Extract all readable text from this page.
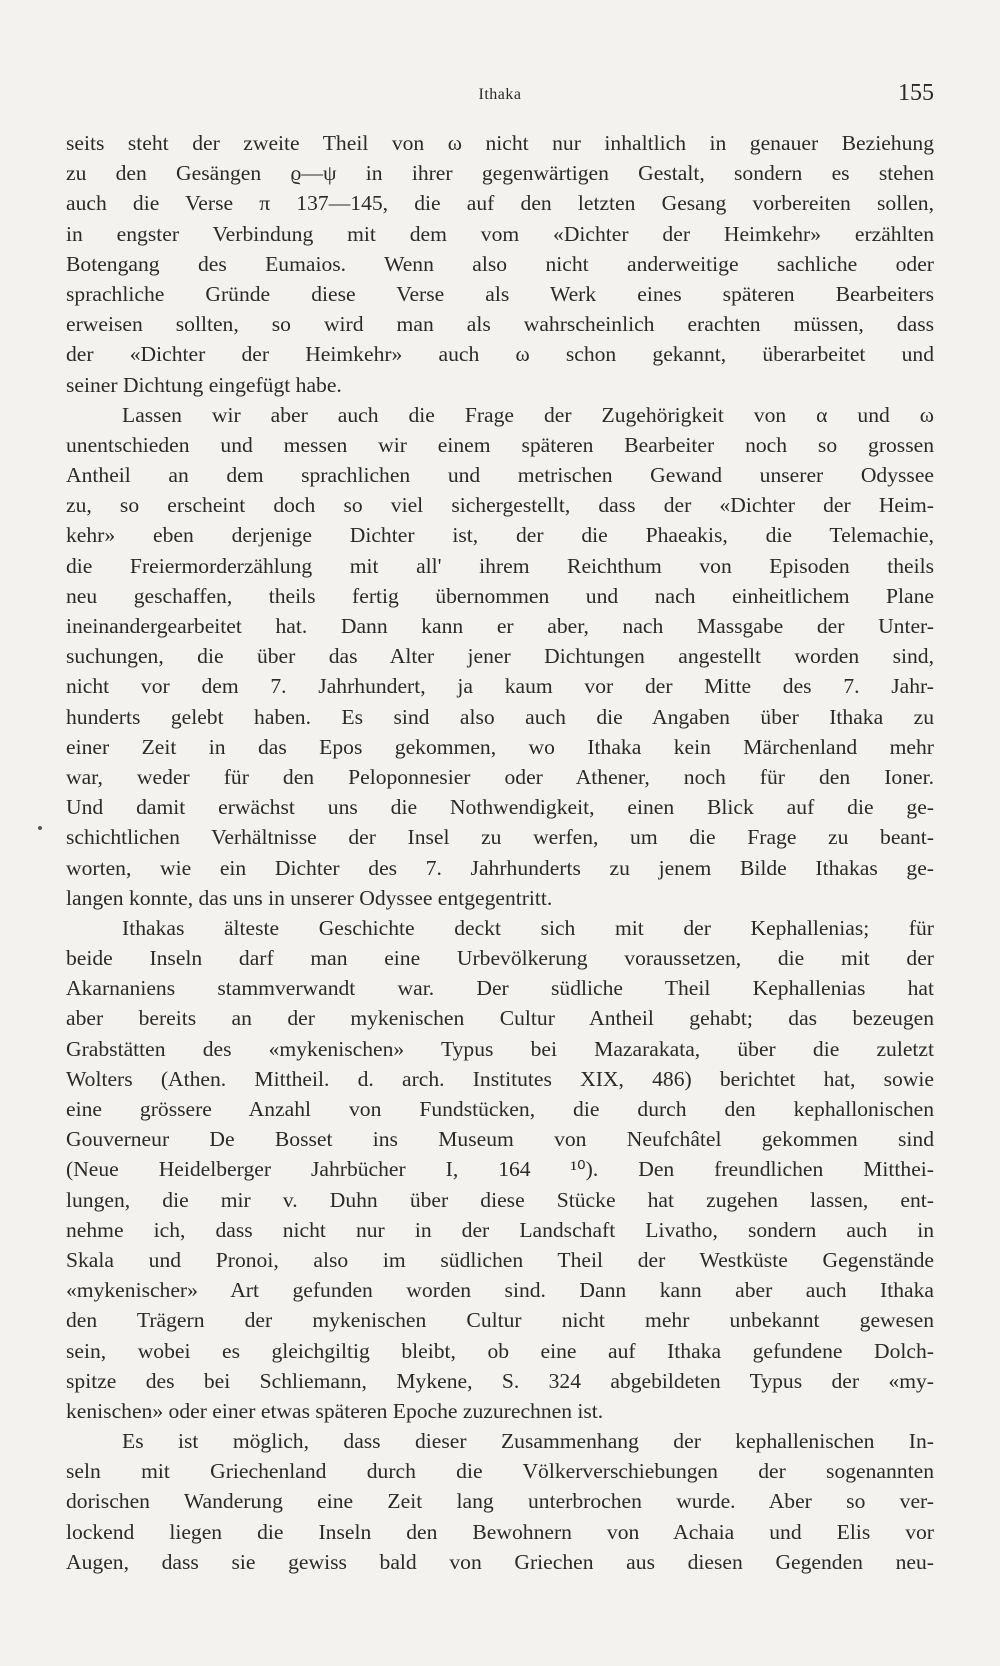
Ithaka	155
seits steht der zweite Theil von ω nicht nur inhaltlich in genauer Beziehung
zu den Gesängen ϱ—ψ in ihrer gegenwärtigen Gestalt, sondern es stehen
auch die Verse π 137—145, die auf den letzten Gesang vorbereiten sollen,
in engster Verbindung mit dem vom «Dichter der Heimkehr» erzählten
Botengang des Eumaios. Wenn also nicht anderweitige sachliche oder
sprachliche Gründe diese Verse als Werk eines späteren Bearbeiters
erweisen sollten, so wird man als wahrscheinlich erachten müssen, dass
der «Dichter der Heimkehr» auch ω schon gekannt, überarbeitet und
seiner Dichtung eingefügt habe.
Lassen wir aber auch die Frage der Zugehörigkeit von α und ω
unentschieden und messen wir einem späteren Bearbeiter noch so grossen
Antheil an dem sprachlichen und metrischen Gewand unserer Odyssee
zu, so erscheint doch so viel sichergestellt, dass der «Dichter der Heim-
kehr» eben derjenige Dichter ist, der die Phaeakis, die Telemachie,
die Freiermorderzählung mit all' ihrem Reichthum von Episoden theils
neu geschaffen, theils fertig übernommen und nach einheitlichem Plane
ineinandergearbeitet hat. Dann kann er aber, nach Massgabe der Unter-
suchungen, die über das Alter jener Dichtungen angestellt worden sind,
nicht vor dem 7. Jahrhundert, ja kaum vor der Mitte des 7. Jahr-
hunderts gelebt haben. Es sind also auch die Angaben über Ithaka zu
einer Zeit in das Epos gekommen, wo Ithaka kein Märchenland mehr
war, weder für den Peloponnesier oder Athener, noch für den Ioner.
Und damit erwächst uns die Nothwendigkeit, einen Blick auf die ge-
schichtlichen Verhältnisse der Insel zu werfen, um die Frage zu beant-
worten, wie ein Dichter des 7. Jahrhunderts zu jenem Bilde Ithakas ge-
langen konnte, das uns in unserer Odyssee entgegentritt.
Ithakas älteste Geschichte deckt sich mit der Kephallenias; für
beide Inseln darf man eine Urbevölkerung voraussetzen, die mit der
Akarnaniens stammverwandt war. Der südliche Theil Kephallenias hat
aber bereits an der mykenischen Cultur Antheil gehabt; das bezeugen
Grabstätten des «mykenischen» Typus bei Mazarakata, über die zuletzt
Wolters (Athen. Mittheil. d. arch. Institutes XIX, 486) berichtet hat, sowie
eine grössere Anzahl von Fundstücken, die durch den kephallonischen
Gouverneur De Bosset ins Museum von Neufchâtel gekommen sind
(Neue Heidelberger Jahrbücher I, 164 ¹⁰). Den freundlichen Mitthei-
lungen, die mir v. Duhn über diese Stücke hat zugehen lassen, ent-
nehme ich, dass nicht nur in der Landschaft Livatho, sondern auch in
Skala und Pronoi, also im südlichen Theil der Westküste Gegenstände
«mykenischer» Art gefunden worden sind. Dann kann aber auch Ithaka
den Trägern der mykenischen Cultur nicht mehr unbekannt gewesen
sein, wobei es gleichgiltig bleibt, ob eine auf Ithaka gefundene Dolch-
spitze des bei Schliemann, Mykene, S. 324 abgebildeten Typus der «my-
kenischen» oder einer etwas späteren Epoche zuzurechnen ist.
Es ist möglich, dass dieser Zusammenhang der kephallenischen In-
seln mit Griechenland durch die Völkerverschiebungen der sogenannten
dorischen Wanderung eine Zeit lang unterbrochen wurde. Aber so ver-
lockend liegen die Inseln den Bewohnern von Achaia und Elis vor
Augen, dass sie gewiss bald von Griechen aus diesen Gegenden neu-
